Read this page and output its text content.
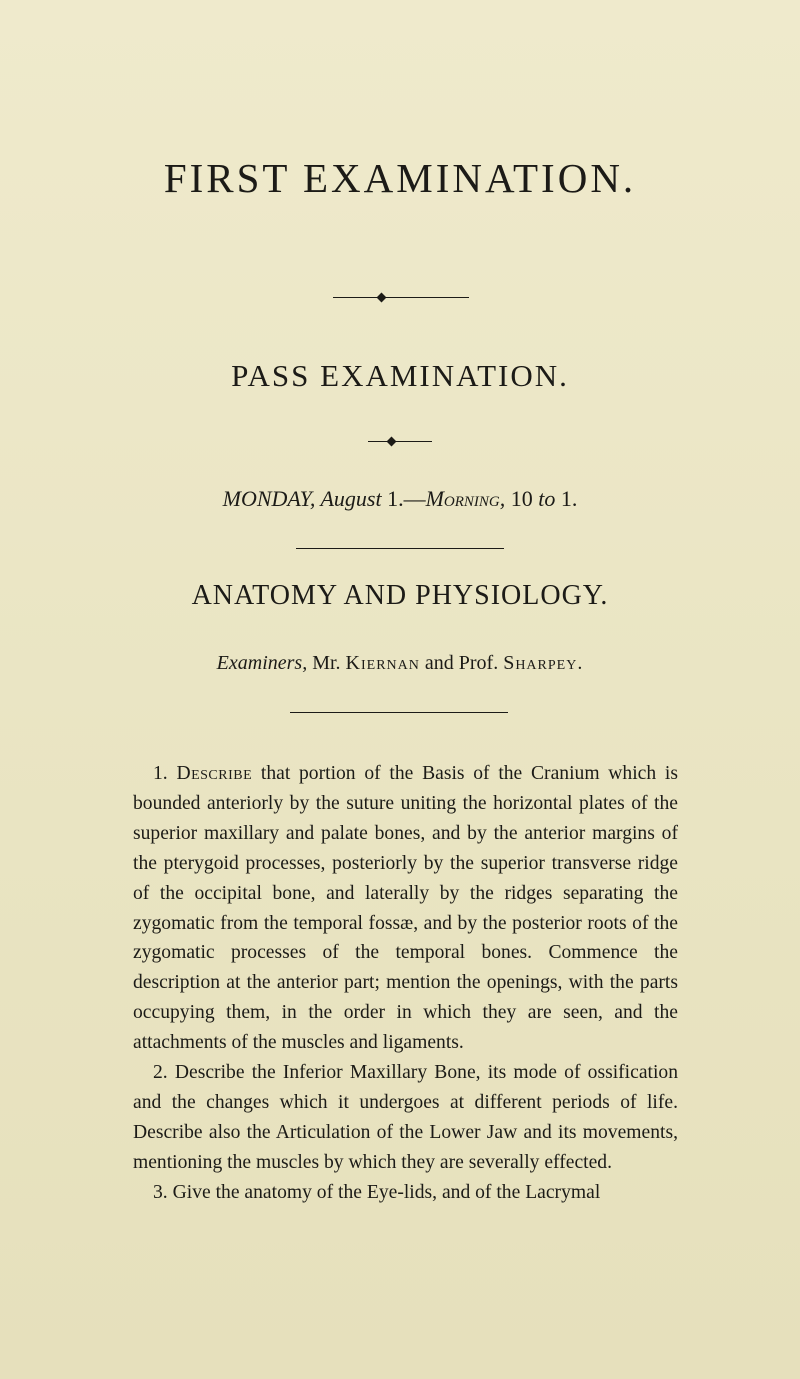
FIRST EXAMINATION.
PASS EXAMINATION.
MONDAY, August 1.—Morning, 10 to 1.
ANATOMY AND PHYSIOLOGY.
Examiners, Mr. Kiernan and Prof. Sharpey.

1. Describe that portion of the Basis of the Cranium which is bounded anteriorly by the suture uniting the horizontal plates of the superior maxillary and palate bones, and by the anterior margins of the pterygoid processes, posteriorly by the superior transverse ridge of the occipital bone, and laterally by the ridges separating the zygomatic from the temporal fossæ, and by the posterior roots of the zygomatic processes of the temporal bones. Commence the description at the anterior part; mention the openings, with the parts occupying them, in the order in which they are seen, and the attachments of the muscles and ligaments.

2. Describe the Inferior Maxillary Bone, its mode of ossification and the changes which it undergoes at different periods of life. Describe also the Articulation of the Lower Jaw and its movements, mentioning the muscles by which they are severally effected.

3. Give the anatomy of the Eye-lids, and of the Lacrymal
